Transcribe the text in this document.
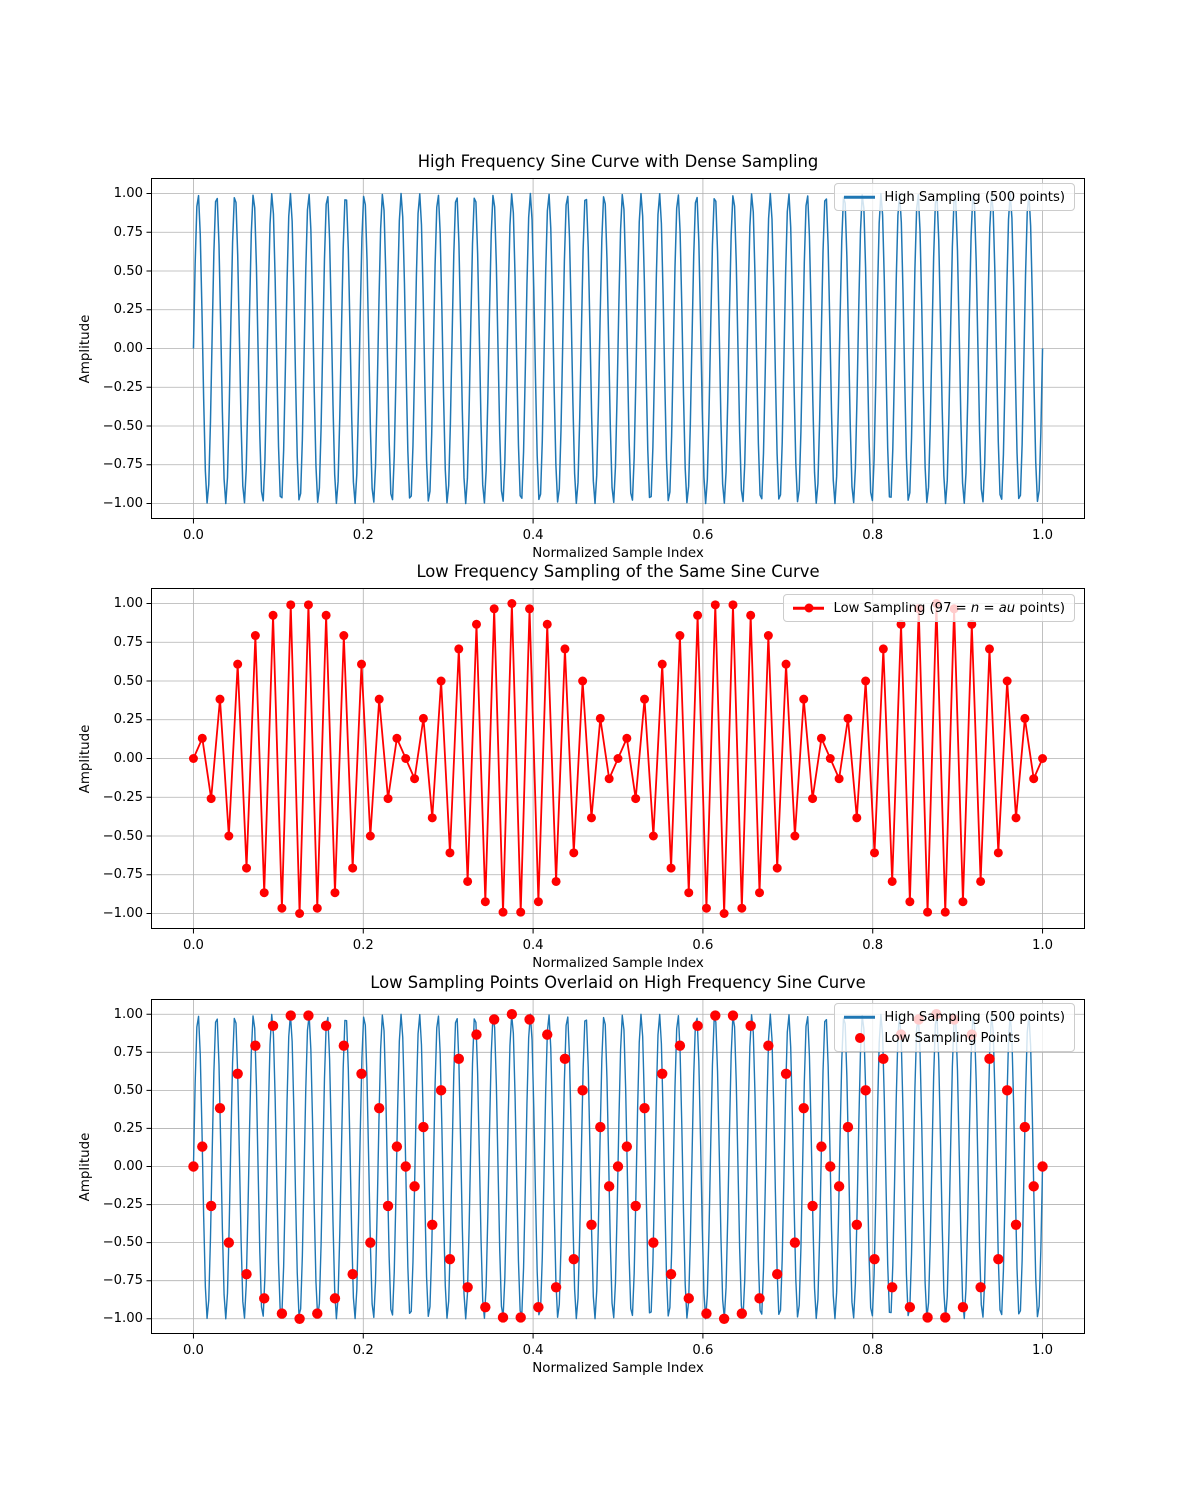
High Frequency Sine Curve with Dense Sampling
Low Frequency Sampling of the Same Sine Curve
Low Sampling Points Overlaid on High Frequency Sine Curve
Normalized Sample Index
Normalized Sample Index
Normalized Sample Index
Amplitude
Amplitude
Amplitude
0.0	0.2	0.4	0.6	0.8	1.0
1.00
0.75
0.50
0.25
0.00
−0.25
−0.50
−0.75
−1.00
0.0	0.2	0.4	0.6	0.8	1.0
1.00
0.75
0.50
0.25
0.00
−0.25
−0.50
−0.75
−1.00
0.0	0.2	0.4	0.6	0.8	1.0
1.00
0.75
0.50
0.25
0.00
−0.25
−0.50
−0.75
−1.00
High Sampling (500 points)
Low Sampling (97 = n = au points)
High Sampling (500 points)
Low Sampling Points
